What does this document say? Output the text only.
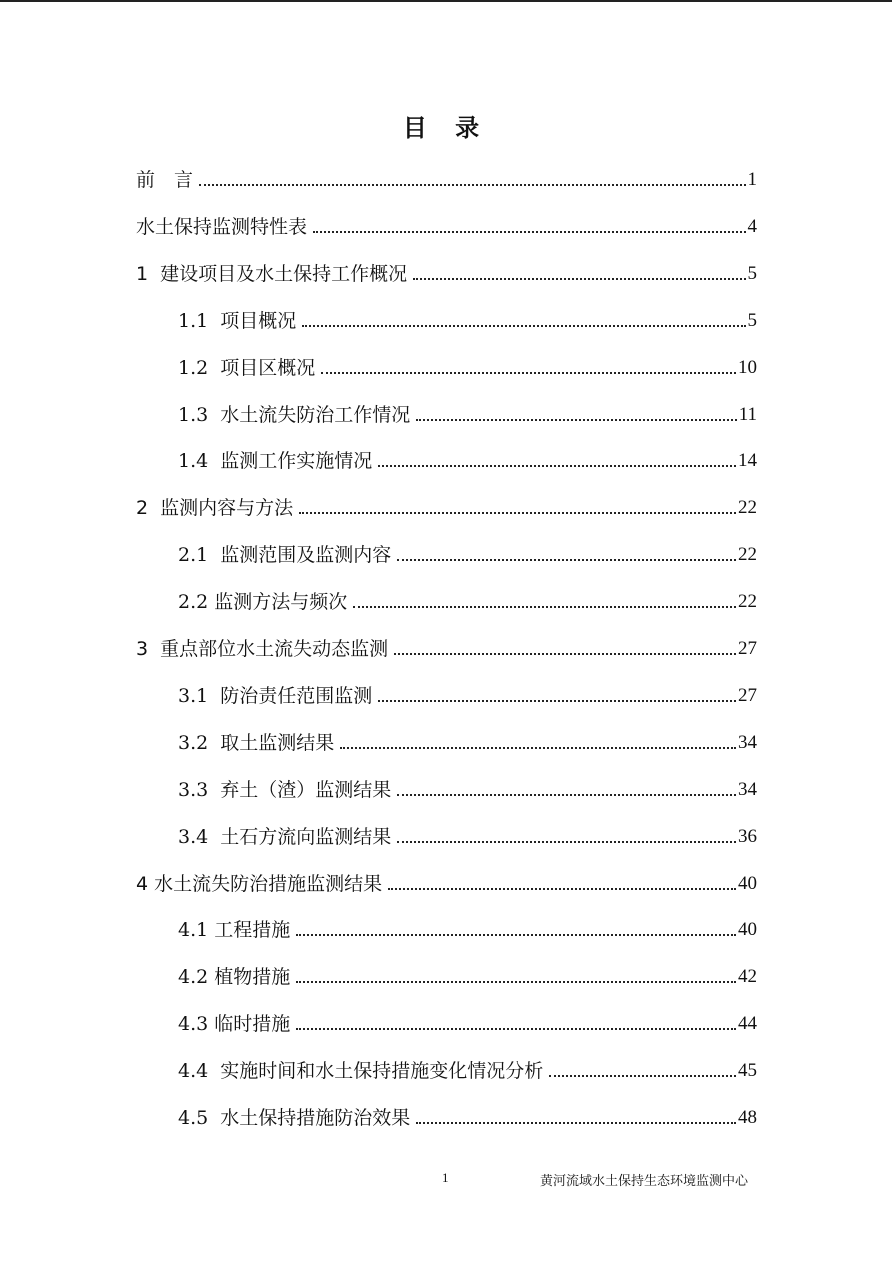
目 录
前　言	1
水土保持监测特性表	4
1  建设项目及水土保持工作概况	5
1.1  项目概况	5
1.2  项目区概况	10
1.3  水土流失防治工作情况	11
1.4  监测工作实施情况	14
2  监测内容与方法	22
2.1  监测范围及监测内容	22
2.2 监测方法与频次	22
3  重点部位水土流失动态监测	27
3.1  防治责任范围监测	27
3.2  取土监测结果	34
3.3  弃土（渣）监测结果	34
3.4  土石方流向监测结果	36
4 水土流失防治措施监测结果	40
4.1 工程措施	40
4.2 植物措施	42
4.3 临时措施	44
4.4  实施时间和水土保持措施变化情况分析	45
4.5  水土保持措施防治效果	48
1	黄河流域水土保持生态环境监测中心
